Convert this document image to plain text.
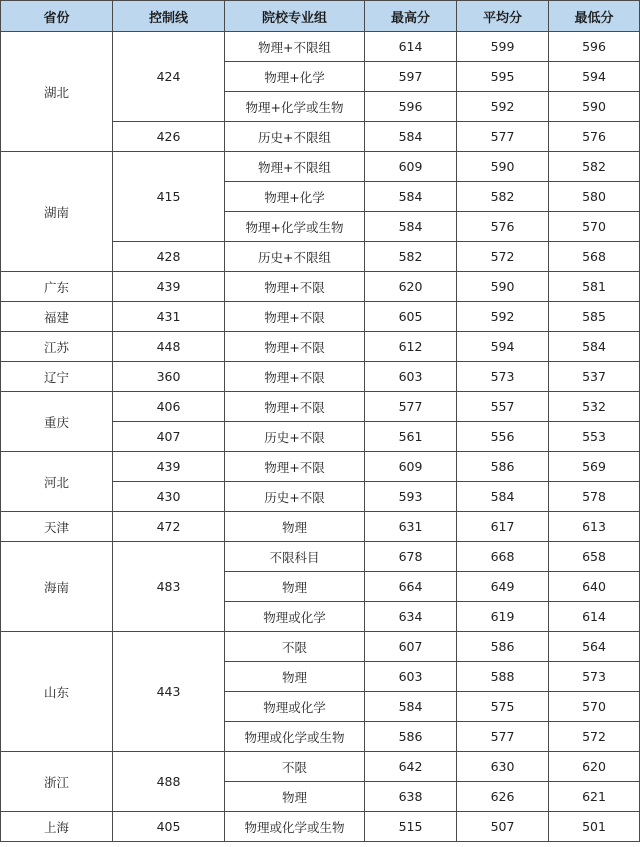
省份	控制线	院校专业组	最高分	平均分	最低分
湖北	424	物理+不限组	614	599	596
		物理+化学	597	595	594
		物理+化学或生物	596	592	590
	426	历史+不限组	584	577	576
湖南	415	物理+不限组	609	590	582
		物理+化学	584	582	580
		物理+化学或生物	584	576	570
	428	历史+不限组	582	572	568
广东	439	物理+不限	620	590	581
福建	431	物理+不限	605	592	585
江苏	448	物理+不限	612	594	584
辽宁	360	物理+不限	603	573	537
重庆	406	物理+不限	577	557	532
	407	历史+不限	561	556	553
河北	439	物理+不限	609	586	569
	430	历史+不限	593	584	578
天津	472	物理	631	617	613
海南	483	不限科目	678	668	658
		物理	664	649	640
		物理或化学	634	619	614
山东	443	不限	607	586	564
		物理	603	588	573
		物理或化学	584	575	570
		物理或化学或生物	586	577	572
浙江	488	不限	642	630	620
		物理	638	626	621
上海	405	物理或化学或生物	515	507	501
